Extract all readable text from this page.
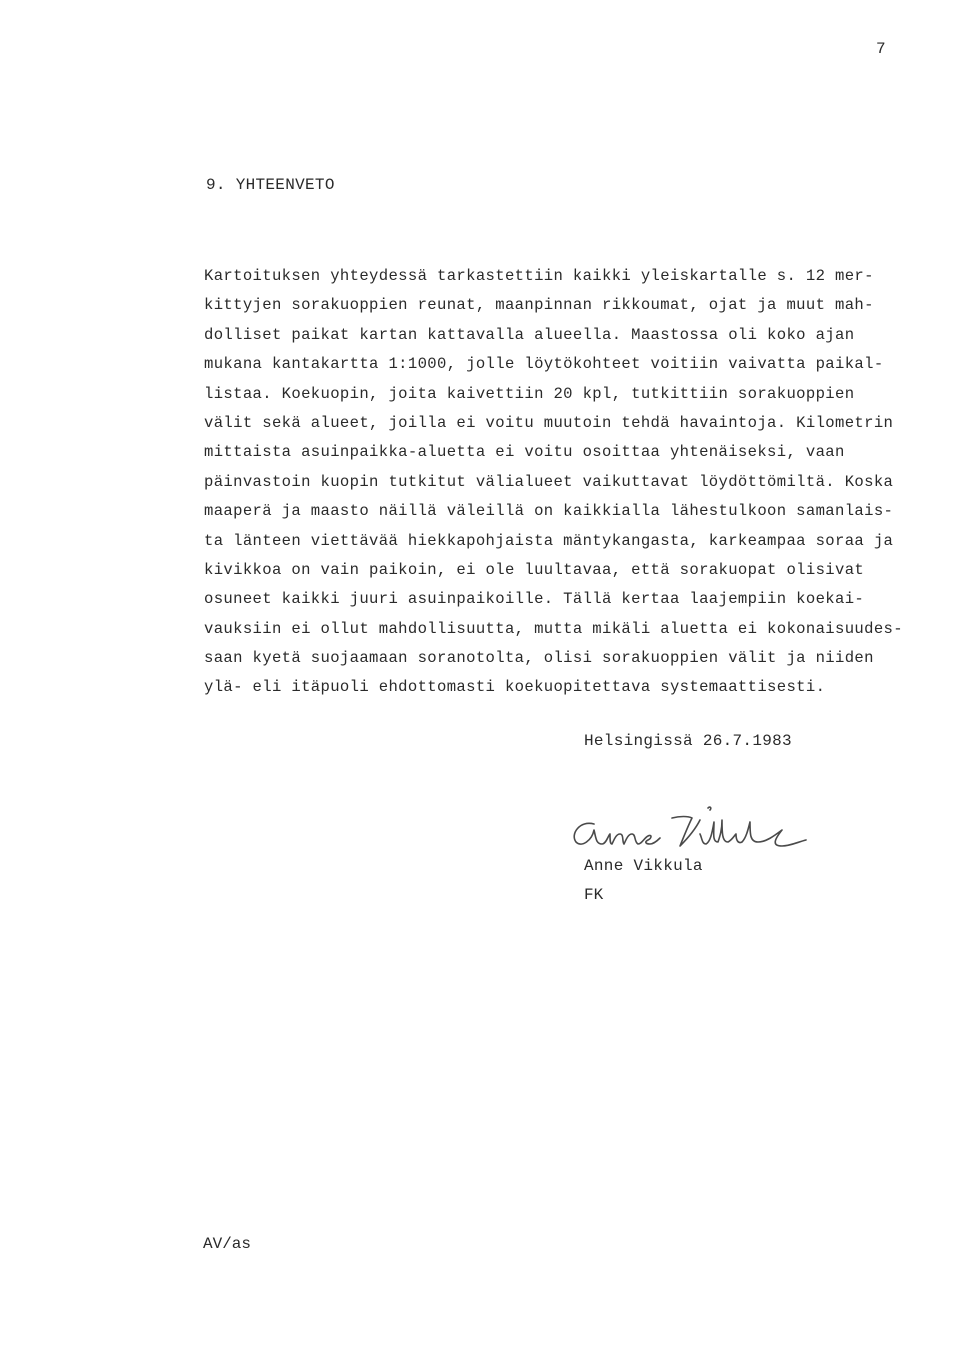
7
9. YHTEENVETO
Kartoituksen yhteydessä tarkastettiin kaikki yleiskartalle s. 12 mer-
kittyjen sorakuoppien reunat, maanpinnan rikkoumat, ojat ja muut mah-
dolliset paikat kartan kattavalla alueella. Maastossa oli koko ajan
mukana kantakartta 1:1000, jolle löytökohteet voitiin vaivatta paikal-
listaa. Koekuopin, joita kaivettiin 20 kpl, tutkittiin sorakuoppien
välit sekä alueet, joilla ei voitu muutoin tehdä havaintoja. Kilometrin
mittaista asuinpaikka-aluetta ei voitu osoittaa yhtenäiseksi, vaan
päinvastoin kuopin tutkitut välialueet vaikuttavat löydöttömiltä. Koska
maaperä ja maasto näillä väleillä on kaikkialla lähestulkoon samanlais-
ta länteen viettävää hiekkapohjaista mäntykangasta, karkeampaa soraa ja
kivikkoa on vain paikoin, ei ole luultavaa, että sorakuopat olisivat
osuneet kaikki juuri asuinpaikoille. Tällä kertaa laajempiin koekai-
vauksiin ei ollut mahdollisuutta, mutta mikäli aluetta ei kokonaisuudes-
saan kyetä suojaamaan soranotolta, olisi sorakuoppien välit ja niiden
ylä- eli itäpuoli ehdottomasti koekuopitettava systemaattisesti.
Helsingissä 26.7.1983
Anne Vikkula
FK
AV/as
